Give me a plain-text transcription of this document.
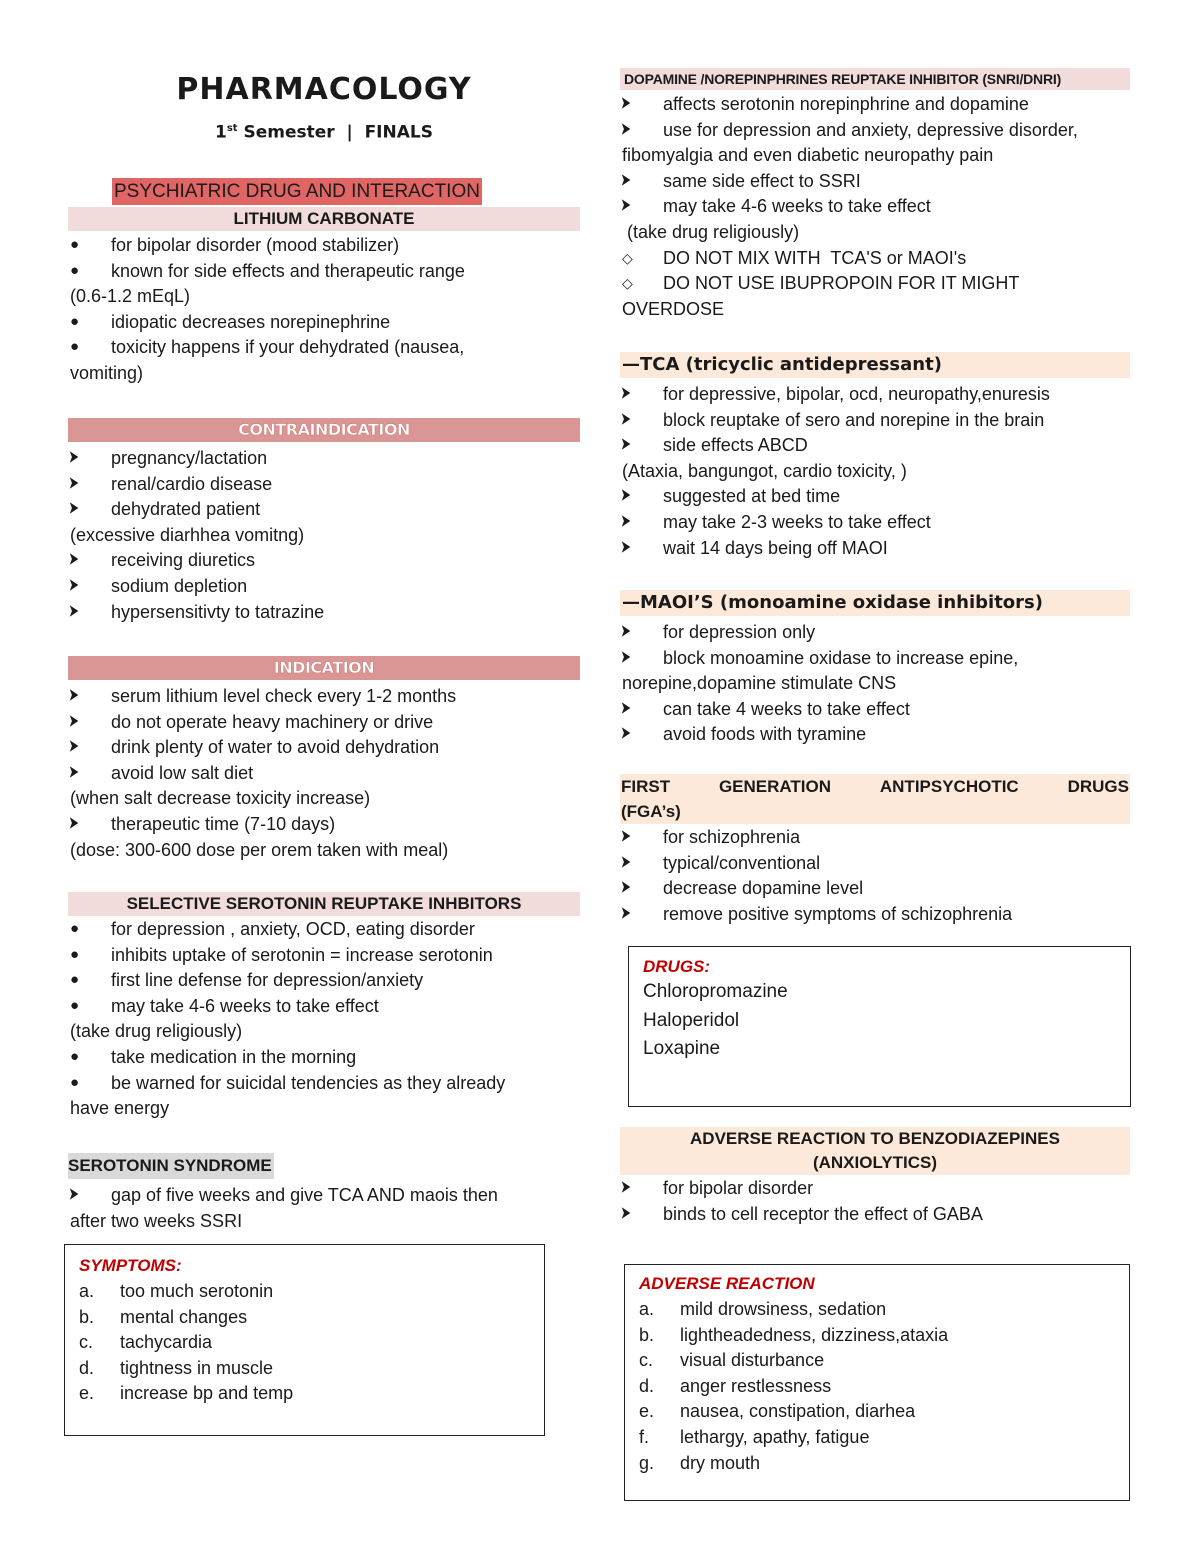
PHARMACOLOGY
1st Semester  |  FINALS
PSYCHIATRIC DRUG AND INTERACTION
LITHIUM CARBONATE
● for bipolar disorder (mood stabilizer)
● known for side effects and therapeutic range
(0.6-1.2 mEqL)
● idiopatic decreases norepinephrine
● toxicity happens if your dehydrated (nausea,
vomiting)
CONTRAINDICATION
➤ pregnancy/lactation
➤ renal/cardio disease
➤ dehydrated patient
(excessive diarhhea vomitng)
➤ receiving diuretics
➤ sodium depletion
➤ hypersensitivty to tatrazine
INDICATION
➤ serum lithium level check every 1-2 months
➤ do not operate heavy machinery or drive
➤ drink plenty of water to avoid dehydration
➤ avoid low salt diet
(when salt decrease toxicity increase)
➤ therapeutic time (7-10 days)
(dose: 300-600 dose per orem taken with meal)
SELECTIVE SEROTONIN REUPTAKE INHBITORS
● for depression , anxiety, OCD, eating disorder
● inhibits uptake of serotonin = increase serotonin
● first line defense for depression/anxiety
● may take 4-6 weeks to take effect
(take drug religiously)
● take medication in the morning
● be warned for suicidal tendencies as they already
have energy
SEROTONIN SYNDROME
➤ gap of five weeks and give TCA AND maois then
after two weeks SSRI
SYMPTOMS:
a. too much serotonin
b. mental changes
c. tachycardia
d. tightness in muscle
e. increase bp and temp
DOPAMINE /NOREPINPHRINES REUPTAKE INHIBITOR (SNRI/DNRI)
➤ affects serotonin norepinphrine and dopamine
➤ use for depression and anxiety, depressive disorder,
fibomyalgia and even diabetic neuropathy pain
➤ same side effect to SSRI
➤ may take 4-6 weeks to take effect
(take drug religiously)
◇ DO NOT MIX WITH  TCA'S or MAOI's
◇ DO NOT USE IBUPROPOIN FOR IT MIGHT
OVERDOSE
—TCA (tricyclic antidepressant)
➤ for depressive, bipolar, ocd, neuropathy,enuresis
➤ block reuptake of sero and norepine in the brain
➤ side effects ABCD
(Ataxia, bangungot, cardio toxicity, )
➤ suggested at bed time
➤ may take 2-3 weeks to take effect
➤ wait 14 days being off MAOI
—MAOI’S (monoamine oxidase inhibitors)
➤ for depression only
➤ block monoamine oxidase to increase epine,
norepine,dopamine stimulate CNS
➤ can take 4 weeks to take effect
➤ avoid foods with tyramine
FIRST	GENERATION	ANTIPSYCHOTIC	DRUGS
(FGA’s)
➤ for schizophrenia
➤ typical/conventional
➤ decrease dopamine level
➤ remove positive symptoms of schizophrenia
DRUGS:
Chloropromazine
Haloperidol
Loxapine
ADVERSE REACTION TO BENZODIAZEPINES
(ANXIOLYTICS)
➤ for bipolar disorder
➤ binds to cell receptor the effect of GABA
ADVERSE REACTION
a. mild drowsiness, sedation
b. lightheadedness, dizziness,ataxia
c. visual disturbance
d. anger restlessness
e. nausea, constipation, diarhea
f. lethargy, apathy, fatigue
g. dry mouth
